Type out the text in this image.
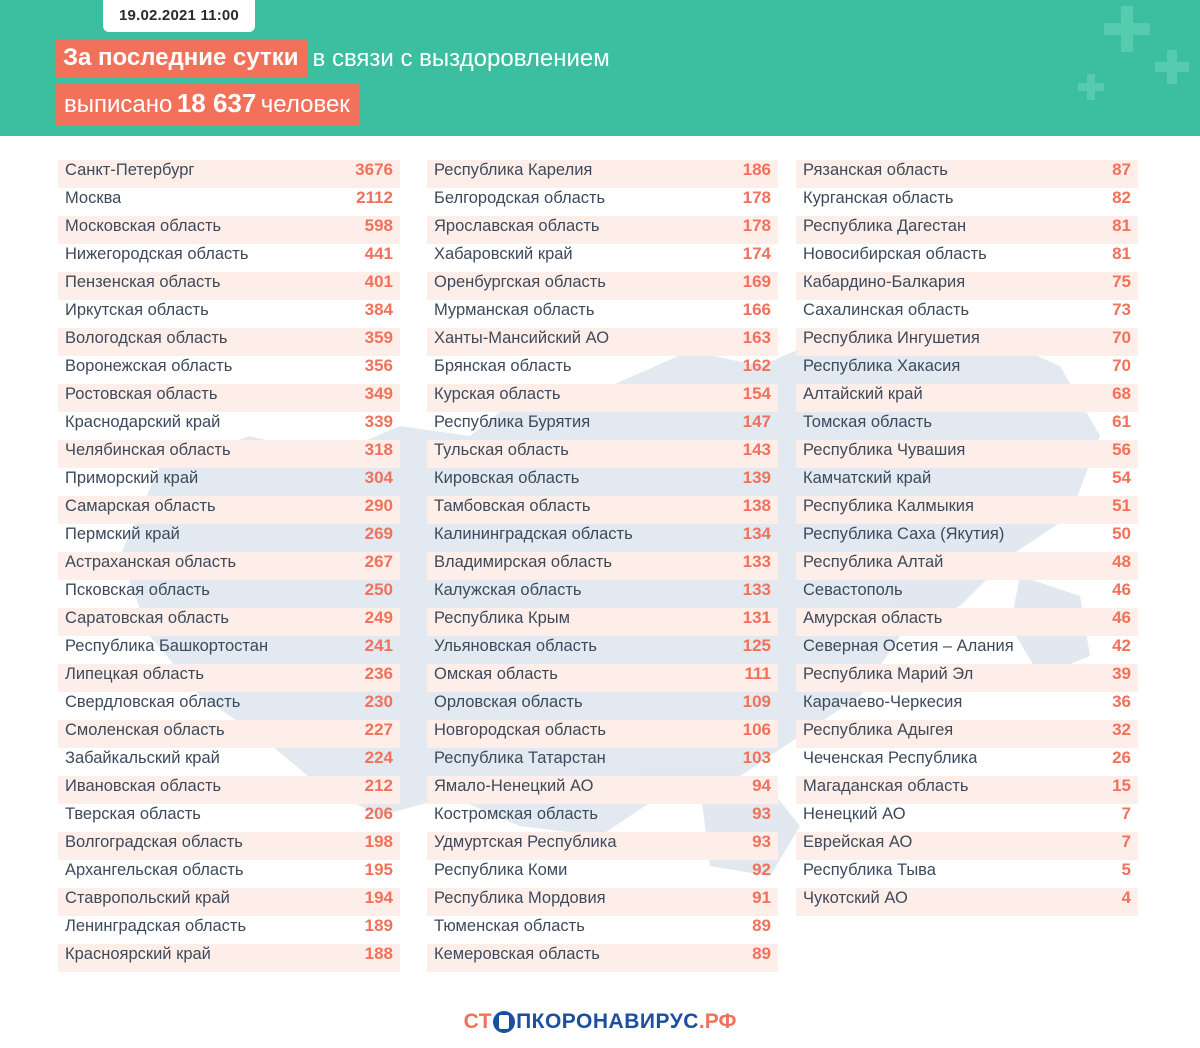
19.02.2021 11:00
За последние сутки в связи с выздоровлением
выписано 18 637 человек
Санкт-Петербург	3676
Москва	2112
Московская область	598
Нижегородская область	441
Пензенская область	401
Иркутская область	384
Вологодская область	359
Воронежская область	356
Ростовская область	349
Краснодарский край	339
Челябинская область	318
Приморский край	304
Самарская область	290
Пермский край	269
Астраханская область	267
Псковская область	250
Саратовская область	249
Республика Башкортостан	241
Липецкая область	236
Свердловская область	230
Смоленская область	227
Забайкальский край	224
Ивановская область	212
Тверская область	206
Волгоградская область	198
Архангельская область	195
Ставропольский край	194
Ленинградская область	189
Красноярский край	188
Республика Карелия	186
Белгородская область	178
Ярославская область	178
Хабаровский край	174
Оренбургская область	169
Мурманская область	166
Ханты-Мансийский АО	163
Брянская область	162
Курская область	154
Республика Бурятия	147
Тульская область	143
Кировская область	139
Тамбовская область	138
Калининградская область	134
Владимирская область	133
Калужская область	133
Республика Крым	131
Ульяновская область	125
Омская область	111
Орловская область	109
Новгородская область	106
Республика Татарстан	103
Ямало-Ненецкий АО	94
Костромская область	93
Удмуртская Республика	93
Республика Коми	92
Республика Мордовия	91
Тюменская область	89
Кемеровская область	89
Рязанская область	87
Курганская область	82
Республика Дагестан	81
Новосибирская область	81
Кабардино-Балкария	75
Сахалинская область	73
Республика Ингушетия	70
Республика Хакасия	70
Алтайский край	68
Томская область	61
Республика Чувашия	56
Камчатский край	54
Республика Калмыкия	51
Республика Саха (Якутия)	50
Республика Алтай	48
Севастополь	46
Амурская область	46
Северная Осетия – Алания	42
Республика Марий Эл	39
Карачаево-Черкесия	36
Республика Адыгея	32
Чеченская Республика	26
Магаданская область	15
Ненецкий АО	7
Еврейская АО	7
Республика Тыва	5
Чукотский АО	4
СТ ПКОРОНАВИРУС .РФ
